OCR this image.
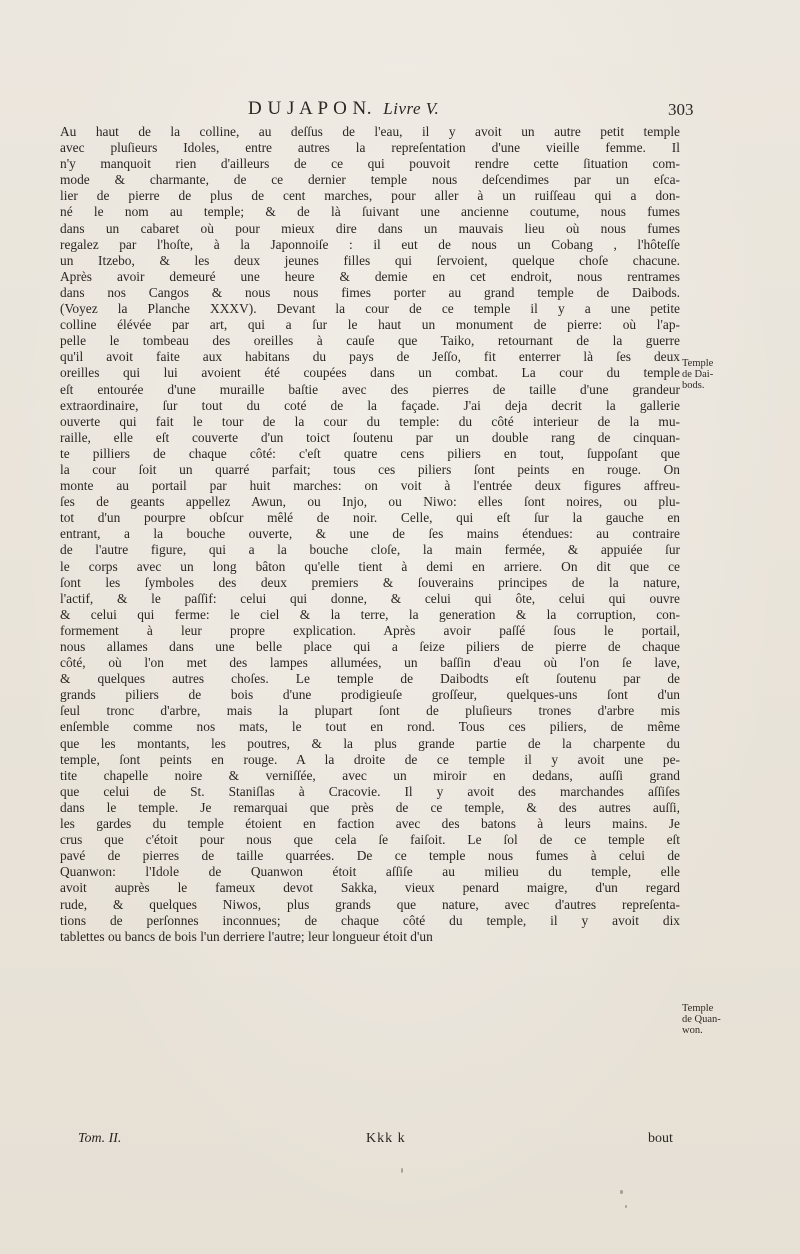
D U J A P O N. Livre V.	303
Au haut de la colline, au deſſus de l'eau, il y avoit un autre petit temple
avec pluſieurs Idoles, entre autres la repreſentation d'une vieille femme. Il
n'y manquoit rien d'ailleurs de ce qui pouvoit rendre cette ſituation com-
mode & charmante, de ce dernier temple nous deſcendimes par un eſca-
lier de pierre de plus de cent marches, pour aller à un ruiſſeau qui a don-
né le nom au temple; & de là ſuivant une ancienne coutume, nous fumes
dans un cabaret où pour mieux dire dans un mauvais lieu où nous fumes
regalez par l'hoſte, à la Japonnoiſe : il eut de nous un Cobang , l'hôteſſe
un Itzebo, & les deux jeunes filles qui ſervoient, quelque choſe chacune.
Après avoir demeuré une heure & demie en cet endroit, nous rentrames
dans nos Cangos & nous nous fimes porter au grand temple de Daibods.
(Voyez la Planche XXXV). Devant la cour de ce temple il y a une petite
colline élévée par art, qui a ſur le haut un monument de pierre: où l'ap-
pelle le tombeau des oreilles à cauſe que Taiko, retournant de la guerre
qu'il avoit faite aux habitans du pays de Jeſſo, fit enterrer là ſes deux
oreilles qui lui avoient été coupées dans un combat. La cour du temple
eſt entourée d'une muraille baſtie avec des pierres de taille d'une grandeur
extraordinaire, ſur tout du coté de la façade. J'ai deja decrit la gallerie
ouverte qui fait le tour de la cour du temple: du côté interieur de la mu-
raille, elle eſt couverte d'un toict ſoutenu par un double rang de cinquan-
te pilliers de chaque côté: c'eſt quatre cens piliers en tout, ſuppoſant que
la cour ſoit un quarré parfait; tous ces piliers ſont peints en rouge. On
monte au portail par huit marches: on voit à l'entrée deux figures affreu-
ſes de geants appellez Awun, ou Injo, ou Niwo: elles ſont noires, ou plu-
tot d'un pourpre obſcur mêlé de noir. Celle, qui eſt ſur la gauche en
entrant, a la bouche ouverte, & une de ſes mains étendues: au contraire
de l'autre figure, qui a la bouche cloſe, la main fermée, & appuiée ſur
le corps avec un long bâton qu'elle tient à demi en arriere. On dit que ce
ſont les ſymboles des deux premiers & ſouverains principes de la nature,
l'actif, & le paſſif: celui qui donne, & celui qui ôte, celui qui ouvre
& celui qui ferme: le ciel & la terre, la generation & la corruption, con-
formement à leur propre explication. Après avoir paſſé ſous le portail,
nous allames dans une belle place qui a ſeize piliers de pierre de chaque
côté, où l'on met des lampes allumées, un baſſin d'eau où l'on ſe lave,
& quelques autres choſes. Le temple de Daibodts eſt ſoutenu par de
grands piliers de bois d'une prodigieuſe groſſeur, quelques-uns ſont d'un
ſeul tronc d'arbre, mais la plupart ſont de pluſieurs trones d'arbre mis
enſemble comme nos mats, le tout en rond. Tous ces piliers, de même
que les montants, les poutres, & la plus grande partie de la charpente du
temple, ſont peints en rouge. A la droite de ce temple il y avoit une pe-
tite chapelle noire & verniſſée, avec un miroir en dedans, auſſi grand
que celui de St. Staniſlas à Cracovie. Il y avoit des marchandes aſſiſes
dans le temple. Je remarquai que près de ce temple, & des autres auſſi,
les gardes du temple étoient en faction avec des batons à leurs mains. Je
crus que c'étoit pour nous que cela ſe faiſoit. Le ſol de ce temple eſt
pavé de pierres de taille quarrées. De ce temple nous fumes à celui de
Quanwon: l'Idole de Quanwon étoit aſſiſe au milieu du temple, elle
avoit auprès le fameux devot Sakka, vieux penard maigre, d'un regard
rude, & quelques Niwos, plus grands que nature, avec d'autres repreſenta-
tions de perſonnes inconnues; de chaque côté du temple, il y avoit dix
tablettes ou bancs de bois l'un derriere l'autre; leur longueur étoit d'un
Temple
de Dai-
bods.
Temple
de Quan-
won.
Tom. II.	Kkk k	bout
